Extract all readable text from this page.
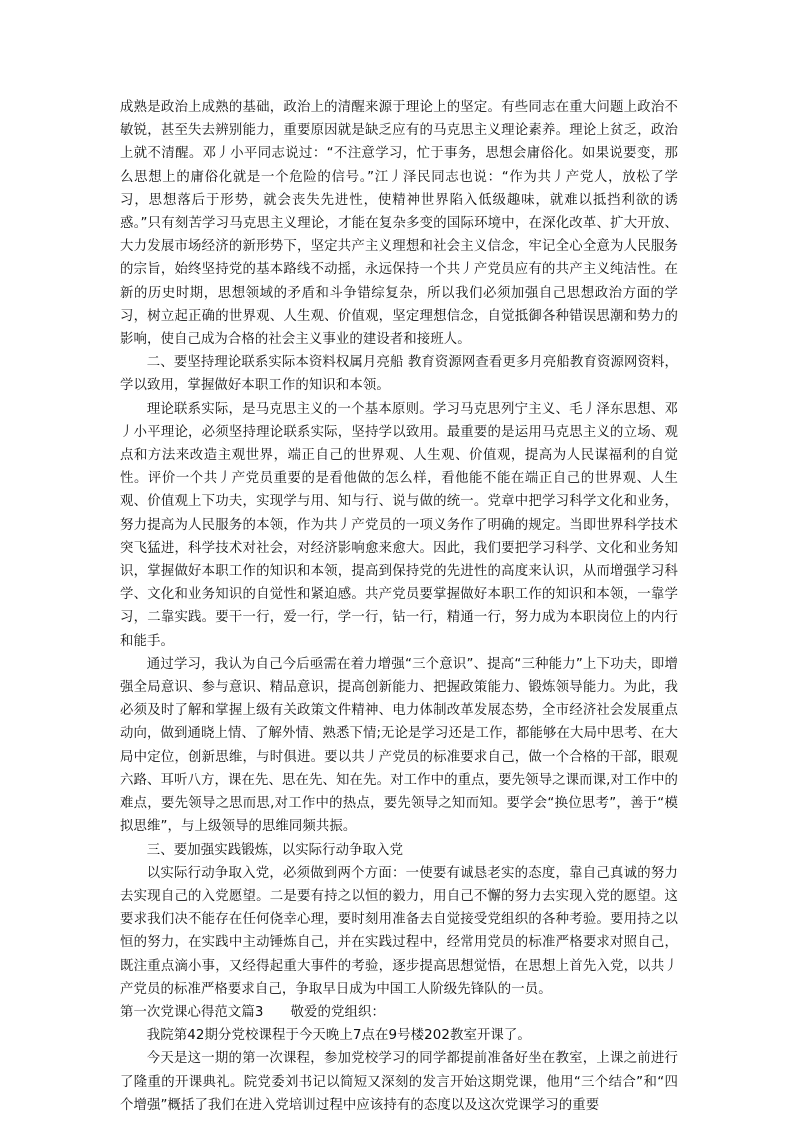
成熟是政治上成熟的基础，政治上的清醒来源于理论上的坚定。有些同志在重大问题上政治不敏锐，甚至失去辨别能力，重要原因就是缺乏应有的马克思主义理论素养。理论上贫乏，政治上就不清醒。邓丿小平同志说过：“不注意学习，忙于事务，思想会庸俗化。如果说要变，那么思想上的庸俗化就是一个危险的信号。”江丿泽民同志也说：“作为共丿产党人，放松了学习，思想落后于形势，就会丧失先进性，使精神世界陷入低级趣味，就难以抵挡利欲的诱惑。”只有刻苦学习马克思主义理论，才能在复杂多变的国际环境中，在深化改革、扩大开放、大力发展市场经济的新形势下，坚定共产主义理想和社会主义信念，牢记全心全意为人民服务的宗旨，始终坚持党的基本路线不动摇，永远保持一个共丿产党员应有的共产主义纯洁性。在新的历史时期，思想领域的矛盾和斗争错综复杂，所以我们必须加强自己思想政治方面的学习，树立起正确的世界观、人生观、价值观，坚定理想信念，自觉抵御各种错误思潮和势力的影响，使自己成为合格的社会主义事业的建设者和接班人。

二、要坚持理论联系实际本资料权属月亮船 教育资源网查看更多月亮船教育资源网资料，学以致用，掌握做好本职工作的知识和本领。

理论联系实际，是马克思主义的一个基本原则。学习马克思列宁主义、毛丿泽东思想、邓丿小平理论，必须坚持理论联系实际，坚持学以致用。最重要的是运用马克思主义的立场、观点和方法来改造主观世界，端正自己的世界观、人生观、价值观，提高为人民谋福利的自觉性。评价一个共丿产党员重要的是看他做的怎么样，看他能不能在端正自己的世界观、人生观、价值观上下功夫，实现学与用、知与行、说与做的统一。党章中把学习科学文化和业务，努力提高为人民服务的本领，作为共丿产党员的一项义务作了明确的规定。当即世界科学技术突飞猛进，科学技术对社会，对经济影响愈来愈大。因此，我们要把学习科学、文化和业务知识，掌握做好本职工作的知识和本领，提高到保持党的先进性的高度来认识，从而增强学习科学、文化和业务知识的自觉性和紧迫感。共产党员要掌握做好本职工作的知识和本领，一靠学习，二靠实践。要干一行，爱一行，学一行，钻一行，精通一行，努力成为本职岗位上的内行和能手。

通过学习，我认为自己今后亟需在着力增强“三个意识”、提高“三种能力”上下功夫，即增强全局意识、参与意识、精品意识，提高创新能力、把握政策能力、锻炼领导能力。为此，我必须及时了解和掌握上级有关政策文件精神、电力体制改革发展态势，全市经济社会发展重点动向，做到通晓上情、了解外情、熟悉下情;无论是学习还是工作，都能够在大局中思考、在大局中定位，创新思维，与时俱进。要以共丿产党员的标准要求自己，做一个合格的干部，眼观六路、耳听八方，课在先、思在先、知在先。对工作中的重点，要先领导之课而课,对工作中的难点，要先领导之思而思,对工作中的热点，要先领导之知而知。要学会“换位思考”，善于“模拟思维”，与上级领导的思维同频共振。

三、要加强实践锻炼，以实际行动争取入党

以实际行动争取入党，必须做到两个方面：一使要有诚恳老实的态度，靠自己真诚的努力去实现自己的入党愿望。二是要有持之以恒的毅力，用自己不懈的努力去实现入党的愿望。这要求我们决不能存在任何侥幸心理，要时刻用准备去自觉接受党组织的各种考验。要用持之以恒的努力，在实践中主动锤炼自己，并在实践过程中，经常用党员的标准严格要求对照自己，既注重点滴小事，又经得起重大事件的考验，逐步提高思想觉悟，在思想上首先入党，以共丿产党员的标准严格要求自己，争取早日成为中国工人阶级先锋队的一员。

第一次党课心得范文篇3　　敬爱的党组织：

我院第42期分党校课程于今天晚上7点在9号楼202教室开课了。

今天是这一期的第一次课程，参加党校学习的同学都提前准备好坐在教室，上课之前进行了隆重的开课典礼。院党委刘书记以简短又深刻的发言开始这期党课，他用“三个结合”和“四个增强”概括了我们在进入党培训过程中应该持有的态度以及这次党课学习的重要
